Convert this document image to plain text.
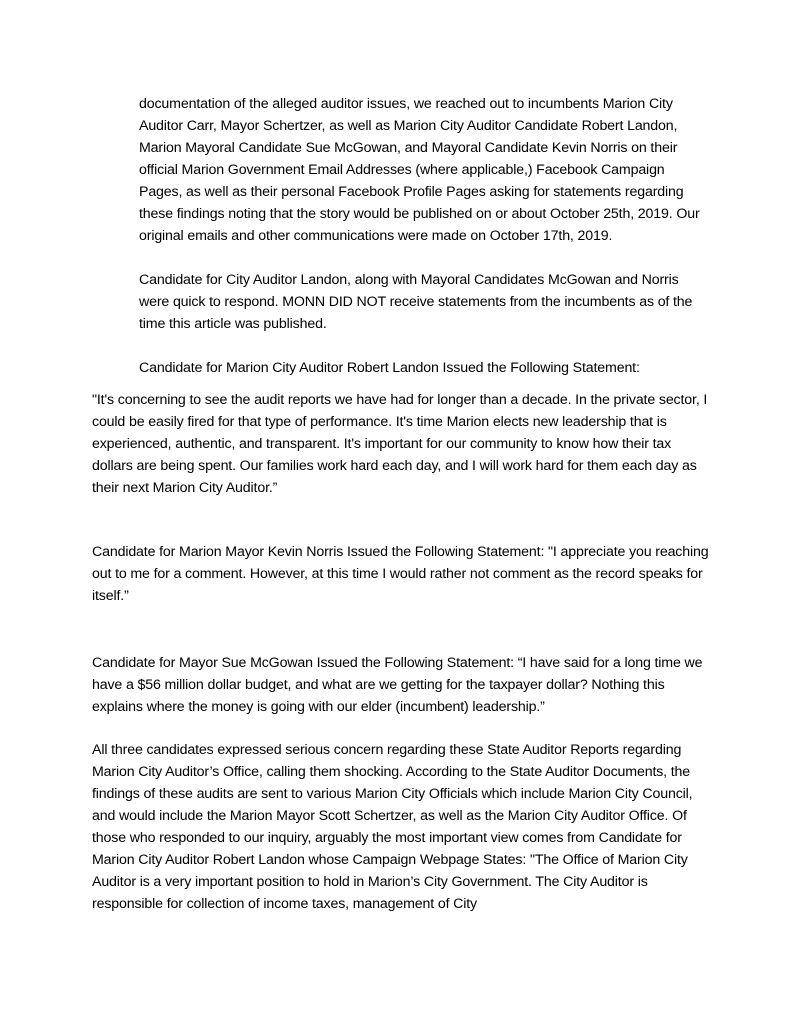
documentation of the alleged auditor issues, we reached out to incumbents Marion City Auditor Carr, Mayor Schertzer, as well as Marion City Auditor Candidate Robert Landon, Marion Mayoral Candidate Sue McGowan, and Mayoral Candidate Kevin Norris on their official Marion Government Email Addresses (where applicable,) Facebook Campaign Pages, as well as their personal Facebook Profile Pages asking for statements regarding these findings noting that the story would be published on or about October 25th, 2019. Our original emails and other communications were made on October 17th, 2019.

Candidate for City Auditor Landon, along with Mayoral Candidates McGowan and Norris were quick to respond. MONN DID NOT receive statements from the incumbents as of the time this article was published.

Candidate for Marion City Auditor Robert Landon Issued the Following Statement:

"It's concerning to see the audit reports we have had for longer than a decade. In the private sector, I could be easily fired for that type of performance. It's time Marion elects new leadership that is experienced, authentic, and transparent. It's important for our community to know how their tax dollars are being spent. Our families work hard each day, and I will work hard for them each day as their next Marion City Auditor.”

Candidate for Marion Mayor Kevin Norris Issued the Following Statement: "I appreciate you reaching out to me for a comment. However, at this time I would rather not comment as the record speaks for itself.”

Candidate for Mayor Sue McGowan Issued the Following Statement: “I have said for a long time we have a $56 million dollar budget, and what are we getting for the taxpayer dollar? Nothing this explains where the money is going with our elder (incumbent) leadership.”

All three candidates expressed serious concern regarding these State Auditor Reports regarding Marion City Auditor’s Office, calling them shocking. According to the State Auditor Documents, the findings of these audits are sent to various Marion City Officials which include Marion City Council, and would include the Marion Mayor Scott Schertzer, as well as the Marion City Auditor Office. Of those who responded to our inquiry, arguably the most important view comes from Candidate for Marion City Auditor Robert Landon whose Campaign Webpage States: "The Office of Marion City Auditor is a very important position to hold in Marion’s City Government. The City Auditor is responsible for collection of income taxes, management of City
